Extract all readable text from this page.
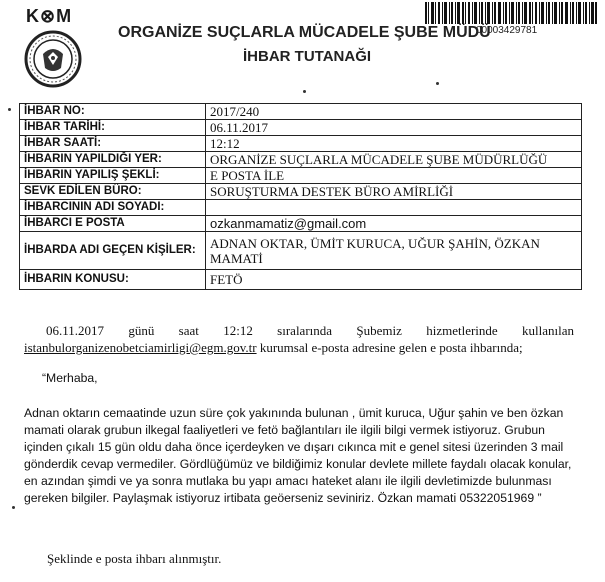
K⊗M
ORGANİZE SUÇLARLA MÜCADELE ŞUBE MÜDÜ
İHBAR TUTANAĞI
00003429781
İHBAR NO:	2017/240
İHBAR TARİHİ:	06.11.2017
İHBAR SAATİ:	12:12
İHBARIN YAPILDIĞI YER:	ORGANİZE SUÇLARLA MÜCADELE ŞUBE MÜDÜRLÜĞÜ
İHBARIN YAPILIŞ ŞEKLİ:	E POSTA İLE
SEVK EDİLEN BÜRO:	SORUŞTURMA DESTEK BÜRO AMİRLİĞİ
İHBARCININ ADI SOYADI:	
İHBARCI E POSTA	ozkanmamatiz@gmail.com
İHBARDA ADI GEÇEN KİŞİLER:	ADNAN OKTAR, ÜMİT KURUCA, UĞUR ŞAHİN, ÖZKAN MAMATİ
İHBARIN KONUSU:	FETÖ
06.11.2017 günü saat 12:12 sıralarında Şubemiz hizmetlerinde kullanılan istanbulorganizenobetciamirligi@egm.gov.tr kurumsal e-posta adresine gelen e posta ihbarında;
“Merhaba,
Adnan oktarın cemaatinde uzun süre çok yakınında bulunan , ümit kuruca, Uğur şahin ve ben özkan mamati olarak grubun ilkegal faaliyetleri ve fetö bağlantıları ile ilgili bilgi vermek istiyoruz. Grubun içinden çıkalı 15 gün oldu daha önce içerdeyken ve dışarı cıkınca mit e genel sitesi üzerinden 3 mail gönderdik cevap vermediler. Gördlüğümüz ve bildiğimiz konular devlete millete faydalı olacak konular, en azından şimdi ve ya sonra mutlaka bu yapı amacı hateket alanı ile ilgili devletimizde bulunması gereken bilgiler. Paylaşmak istiyoruz irtibata geöerseniz seviniriz. Özkan mamati 05322051969 ”
Şeklinde e posta ihbarı alınmıştır.
